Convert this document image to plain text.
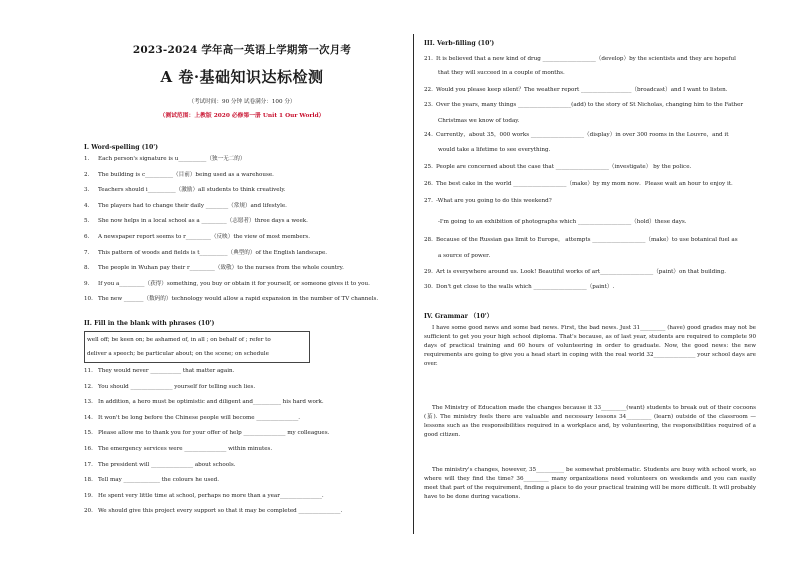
2023-2024 学年高一英语上学期第一次月考
A 卷·基础知识达标检测
（考试时间：90 分钟 试卷满分：100 分）
（测试范围：上教版 2020 必修第一册 Unit 1 Our World）
I. Word-spelling (10')
1. Each person's signature is u__________（独一无二的）
2. The building is c__________（目前）being used as a warehouse．
3. Teachers should i__________（激励）all students to think creatively.
4. The players had to change their daily ________（常规）and lifestyle.
5. She now helps in a local school as a _________（志愿者）three days a week.
6. A newspaper report seems to r_________（反映）the view of most members.
7. This pattern of woods and fields is t__________（典型的）of the English landscape.
8. The people in Wuhan pay their r_________（致敬）to the nurses from the whole country.
9. If you a_________（获得）something, you buy or obtain it for yourself, or someone gives it to you.
10. The new _______（数码的）technology would allow a rapid expansion in the number of TV channels.
II. Fill in the blank with phrases (10')
well off; be keen on; be ashamed of, in all ; on behalf of ; refer to
deliver a speech; be particular about; on the scene; on schedule
11. They would never ___________ that matter again.
12. You should _______________ yourself for telling such lies.
13. In addition, a hero must be optimistic and diligent and__________ his hard work.
14. It won't be long before the Chinese people will become _______________.
15. Please allow me to thank you for your offer of help _______________ my colleagues.
16. The emergency services were _______________ within minutes.
17. The president will _______________ about schools.
18. Tell may _____________ the colours he used.
19. He spent very little time at school, perhaps no more than a year_______________.
20. We should give this project every support so that it may be completed _______________.
III. Verb-filling (10')
21. It is believed that a new kind of drug ___________________（develop）by the scientists and they are hopeful
that they will succeed in a couple of months.
22. Would you please keep silent？The weather report __________________（broadcast）and I want to listen．
23. Over the years, many things ___________________(add) to the story of St Nicholas, changing him to the Father
Christmas we know of today.
24. Currently，about 35，000 works ___________________（display）in over 300 rooms in the Louvre，and it
would take a lifetime to see everything.
25. People are concerned about the case that ___________________（investigate） by the police.
26. The best cake in the world ___________________（make）by my mom now．Please wait an hour to enjoy it．
27. -What are you going to do this weekend?
-I'm going to an exhibition of photographs which ___________________（hold）these days.
28. Because of the Russian gas limit to Europe， attempts ___________________（make）to use botanical fuel as
a source of power．
29. Art is everywhere around us. Look! Beautiful works of art___________________（paint）on that building.
30. Don't get close to the walls which ___________________（paint）.
IV. Grammar （10'）
I have some good news and some bad news. First, the bad news. Just 31_________ (have) good grades may not be sufficient to get you your high school diploma. That's because, as of last year, students are required to complete 90 days of practical training and 60 hours of volunteering in order to graduate. Now, the good news: the new requirements are going to give you a head start in coping with the real world 32_______________ your school days are over.
The Ministry of Education made the changes because it 33_________(want) students to break out of their cocoons (茧). The ministry feels there are valuable and necessary lessons 34_________ (learn) outside of the classroom — lessons such as the responsibilities required in a workplace and, by volunteering, the responsibilities required of a good citizen.
The ministry's changes, however, 35__________ be somewhat problematic. Students are busy with school work, so where will they find the time? 36_________ many organizations need volunteers on weekends and you can easily meet that part of the requirement, finding a place to do your practical training will be more difficult. It will probably have to be done during vacations.
